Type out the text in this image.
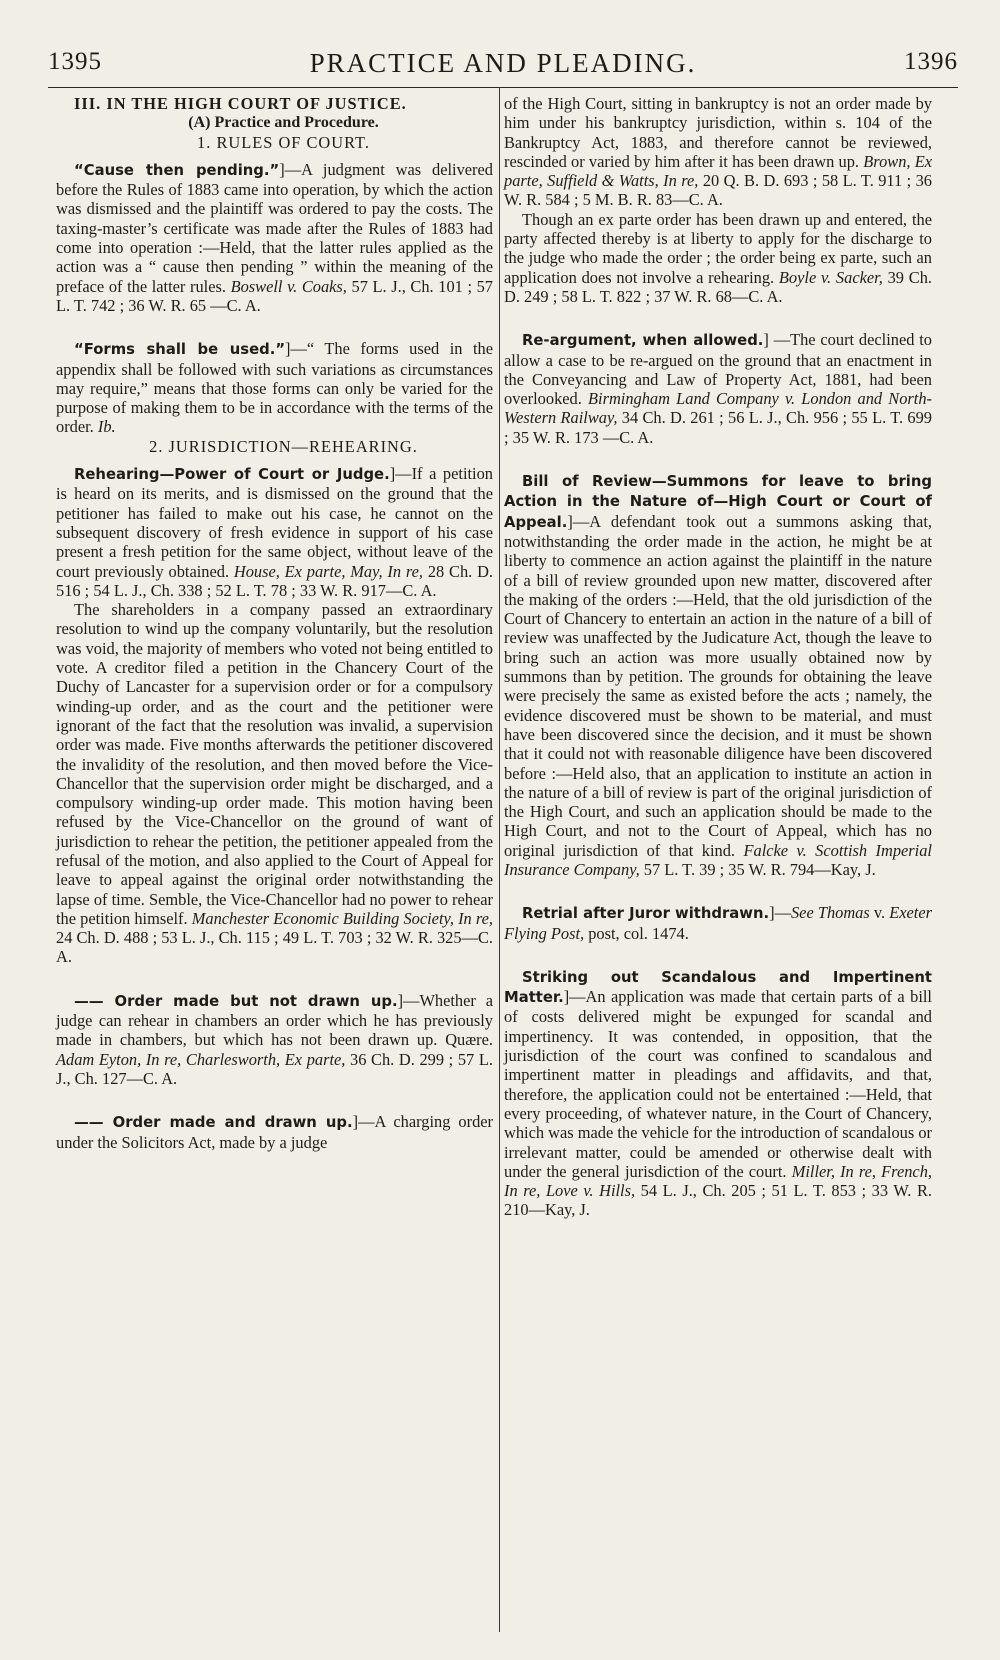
PRACTICE AND PLEADING.
1395	1396

III. IN THE HIGH COURT OF JUSTICE.

(A) Practice and Procedure.

1. RULES OF COURT.

“Cause then pending.”]—A judgment was delivered before the Rules of 1883 came into operation, by which the action was dismissed and the plaintiff was ordered to pay the costs. The taxing-master’s certificate was made after the Rules of 1883 had come into operation :—Held, that the latter rules applied as the action was a “ cause then pending ” within the meaning of the preface of the latter rules. Boswell v. Coaks, 57 L. J., Ch. 101 ; 57 L. T. 742 ; 36 W. R. 65 —C. A.

“Forms shall be used.”]—“ The forms used in the appendix shall be followed with such variations as circumstances may require,” means that those forms can only be varied for the purpose of making them to be in accordance with the terms of the order. Ib.

2. JURISDICTION—REHEARING.

Rehearing—Power of Court or Judge.]—If a petition is heard on its merits, and is dismissed on the ground that the petitioner has failed to make out his case, he cannot on the subsequent discovery of fresh evidence in support of his case present a fresh petition for the same object, without leave of the court previously obtained. House, Ex parte, May, In re, 28 Ch. D. 516 ; 54 L. J., Ch. 338 ; 52 L. T. 78 ; 33 W. R. 917—C. A.

The shareholders in a company passed an extraordinary resolution to wind up the company voluntarily, but the resolution was void, the majority of members who voted not being entitled to vote. A creditor filed a petition in the Chancery Court of the Duchy of Lancaster for a supervision order or for a compulsory winding-up order, and as the court and the petitioner were ignorant of the fact that the resolution was invalid, a supervision order was made. Five months afterwards the petitioner discovered the invalidity of the resolution, and then moved before the Vice-Chancellor that the supervision order might be discharged, and a compulsory winding-up order made. This motion having been refused by the Vice-Chancellor on the ground of want of jurisdiction to rehear the petition, the petitioner appealed from the refusal of the motion, and also applied to the Court of Appeal for leave to appeal against the original order notwithstanding the lapse of time. Semble, the Vice-Chancellor had no power to rehear the petition himself. Manchester Economic Building Society, In re, 24 Ch. D. 488 ; 53 L. J., Ch. 115 ; 49 L. T. 703 ; 32 W. R. 325—C. A.

—— Order made but not drawn up.]—Whether a judge can rehear in chambers an order which he has previously made in chambers, but which has not been drawn up. Quære. Adam Eyton, In re, Charlesworth, Ex parte, 36 Ch. D. 299 ; 57 L. J., Ch. 127—C. A.

—— Order made and drawn up.]—A charging order under the Solicitors Act, made by a judge

of the High Court, sitting in bankruptcy is not an order made by him under his bankruptcy jurisdiction, within s. 104 of the Bankruptcy Act, 1883, and therefore cannot be reviewed, rescinded or varied by him after it has been drawn up. Brown, Ex parte, Suffield & Watts, In re, 20 Q. B. D. 693 ; 58 L. T. 911 ; 36 W. R. 584 ; 5 M. B. R. 83—C. A.

Though an ex parte order has been drawn up and entered, the party affected thereby is at liberty to apply for the discharge to the judge who made the order ; the order being ex parte, such an application does not involve a rehearing. Boyle v. Sacker, 39 Ch. D. 249 ; 58 L. T. 822 ; 37 W. R. 68—C. A.

Re-argument, when allowed.] —The court declined to allow a case to be re-argued on the ground that an enactment in the Conveyancing and Law of Property Act, 1881, had been overlooked. Birmingham Land Company v. London and North-Western Railway, 34 Ch. D. 261 ; 56 L. J., Ch. 956 ; 55 L. T. 699 ; 35 W. R. 173 —C. A.

Bill of Review—Summons for leave to bring Action in the Nature of—High Court or Court of Appeal.]—A defendant took out a summons asking that, notwithstanding the order made in the action, he might be at liberty to commence an action against the plaintiff in the nature of a bill of review grounded upon new matter, discovered after the making of the orders :—Held, that the old jurisdiction of the Court of Chancery to entertain an action in the nature of a bill of review was unaffected by the Judicature Act, though the leave to bring such an action was more usually obtained now by summons than by petition. The grounds for obtaining the leave were precisely the same as existed before the acts ; namely, the evidence discovered must be shown to be material, and must have been discovered since the decision, and it must be shown that it could not with reasonable diligence have been discovered before :—Held also, that an application to institute an action in the nature of a bill of review is part of the original jurisdiction of the High Court, and such an application should be made to the High Court, and not to the Court of Appeal, which has no original jurisdiction of that kind. Falcke v. Scottish Imperial Insurance Company, 57 L. T. 39 ; 35 W. R. 794—Kay, J.

Retrial after Juror withdrawn.]—See Thomas v. Exeter Flying Post, post, col. 1474.

Striking out Scandalous and Impertinent Matter.]—An application was made that certain parts of a bill of costs delivered might be expunged for scandal and impertinency. It was contended, in opposition, that the jurisdiction of the court was confined to scandalous and impertinent matter in pleadings and affidavits, and that, therefore, the application could not be entertained :—Held, that every proceeding, of whatever nature, in the Court of Chancery, which was made the vehicle for the introduction of scandalous or irrelevant matter, could be amended or otherwise dealt with under the general jurisdiction of the court. Miller, In re, French, In re, Love v. Hills, 54 L. J., Ch. 205 ; 51 L. T. 853 ; 33 W. R. 210—Kay, J.
